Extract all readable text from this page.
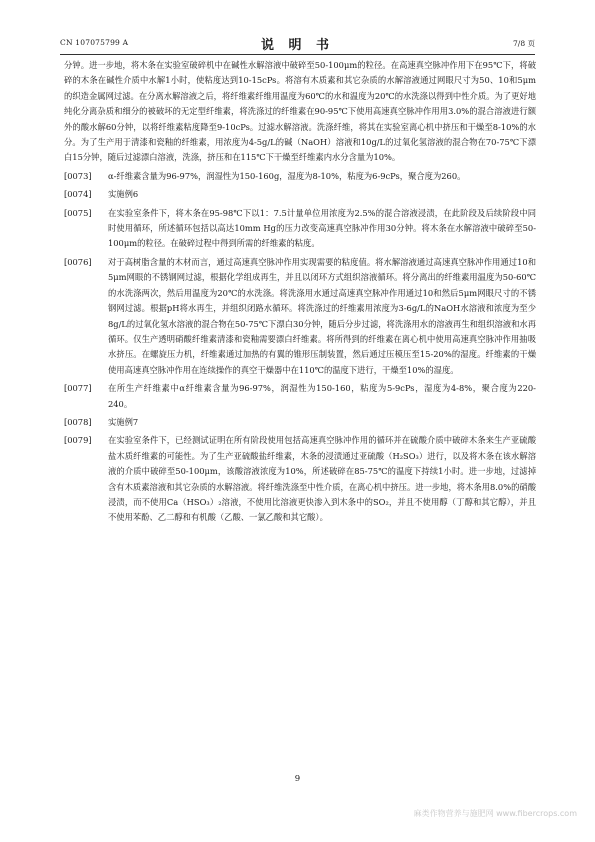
CN 107075799 A	说 明 书	7/8 页

分钟。进一步地，将木条在实验室破碎机中在碱性水解溶液中破碎至50-100μm的粒径。在高速真空脉冲作用下在95℃下，将破碎的木条在碱性介质中水解1小时，使粘度达到10-15cPs。将溶有木质素和其它杂质的水解溶液通过网眼尺寸为50、10和5μm的织造金属网过滤。在分离水解溶液之后，将纤维素纤维用温度为60℃的水和温度为20℃的水洗涤以得到中性介质。为了更好地纯化分离杂质和细分的被破坏的无定型纤维素，将洗涤过的纤维素在90-95℃下使用高速真空脉冲作用用3.0%的混合溶液进行额外的酸水解60分钟，以将纤维素粘度降至9-10cPs。过滤水解溶液。洗涤纤维，将其在实验室离心机中挤压和干燥至8-10%的水分。为了生产用于清漆和瓷釉的纤维素，用浓度为4-5g/L的碱（NaOH）溶液和10g/L的过氧化氢溶液的混合物在70-75℃下漂白15分钟，随后过滤漂白溶液，洗涤，挤压和在115℃下干燥至纤维素内水分含量为10%。

[0073]	α-纤维素含量为96-97%，润湿性为150-160g，湿度为8-10%，粘度为6-9cPs，聚合度为260。
[0074]	实施例6
[0075]	在实验室条件下，将木条在95-98℃下以1：7.5计量单位用浓度为2.5%的混合溶液浸渍，在此阶段及后续阶段中同时使用循环，所述循环包括以高达10mm Hg的压力改变高速真空脉冲作用30分钟。将木条在水解溶液中破碎至50-100μm的粒径。在破碎过程中得到所需的纤维素的粘度。
[0076]	对于高树脂含量的木材而言，通过高速真空脉冲作用实现需要的粘度值。将水解溶液通过高速真空脉冲作用通过10和5μm网眼的不锈钢网过滤，根据化学组成再生，并且以闭环方式组织溶液循环。将分离出的纤维素用温度为50-60℃的水洗涤两次，然后用温度为20℃的水洗涤。将洗涤用水通过高速真空脉冲作用通过10和然后5μm网眼尺寸的不锈钢网过滤。根据pH将水再生，并组织闭路水循环。将洗涤过的纤维素用浓度为3-6g/L的NaOH水溶液和浓度为至少8g/L的过氧化氢水溶液的混合物在50-75℃下漂白30分钟，随后分步过滤，将洗涤用水的溶液再生和组织溶液和水再循环。仅生产透明硝酸纤维素清漆和瓷釉需要漂白纤维素。将所得到的纤维素在离心机中使用高速真空脉冲作用抽吸水挤压。在螺旋压力机，纤维素通过加热的有翼的锥形压制装置，然后通过压模压至15-20%的湿度。纤维素的干燥使用高速真空脉冲作用在连续操作的真空干燥器中在110℃的温度下进行，干燥至10%的湿度。
[0077]	在所生产纤维素中α纤维素含量为96-97%，润湿性为150-160，粘度为5-9cPs，湿度为4-8%，聚合度为220-240。
[0078]	实施例7
[0079]	在实验室条件下，已经测试证明在所有阶段使用包括高速真空脉冲作用的循环并在硫酸介质中破碎木条来生产亚硫酸盐木质纤维素的可能性。为了生产亚硫酸盐纤维素，木条的浸渍通过亚硫酸（H₂SO₃）进行，以及将木条在该水解溶液的介质中破碎至50-100μm，该酸溶液浓度为10%，所述破碎在85-75℃的温度下持续1小时。进一步地，过滤掉含有木质素溶液和其它杂质的水解溶液。将纤维洗涤至中性介质，在离心机中挤压。进一步地，将木条用8.0%的硝酸浸渍，而不使用Ca（HSO₃）₂溶液，不使用比溶液更快渗入到木条中的SO₂，并且不使用醇（丁醇和其它醇），并且不使用苯酚、乙二醇和有机酸（乙酸、一氯乙酸和其它酸）。
9
麻类作物营养与施肥网 www.fibercrops.com
